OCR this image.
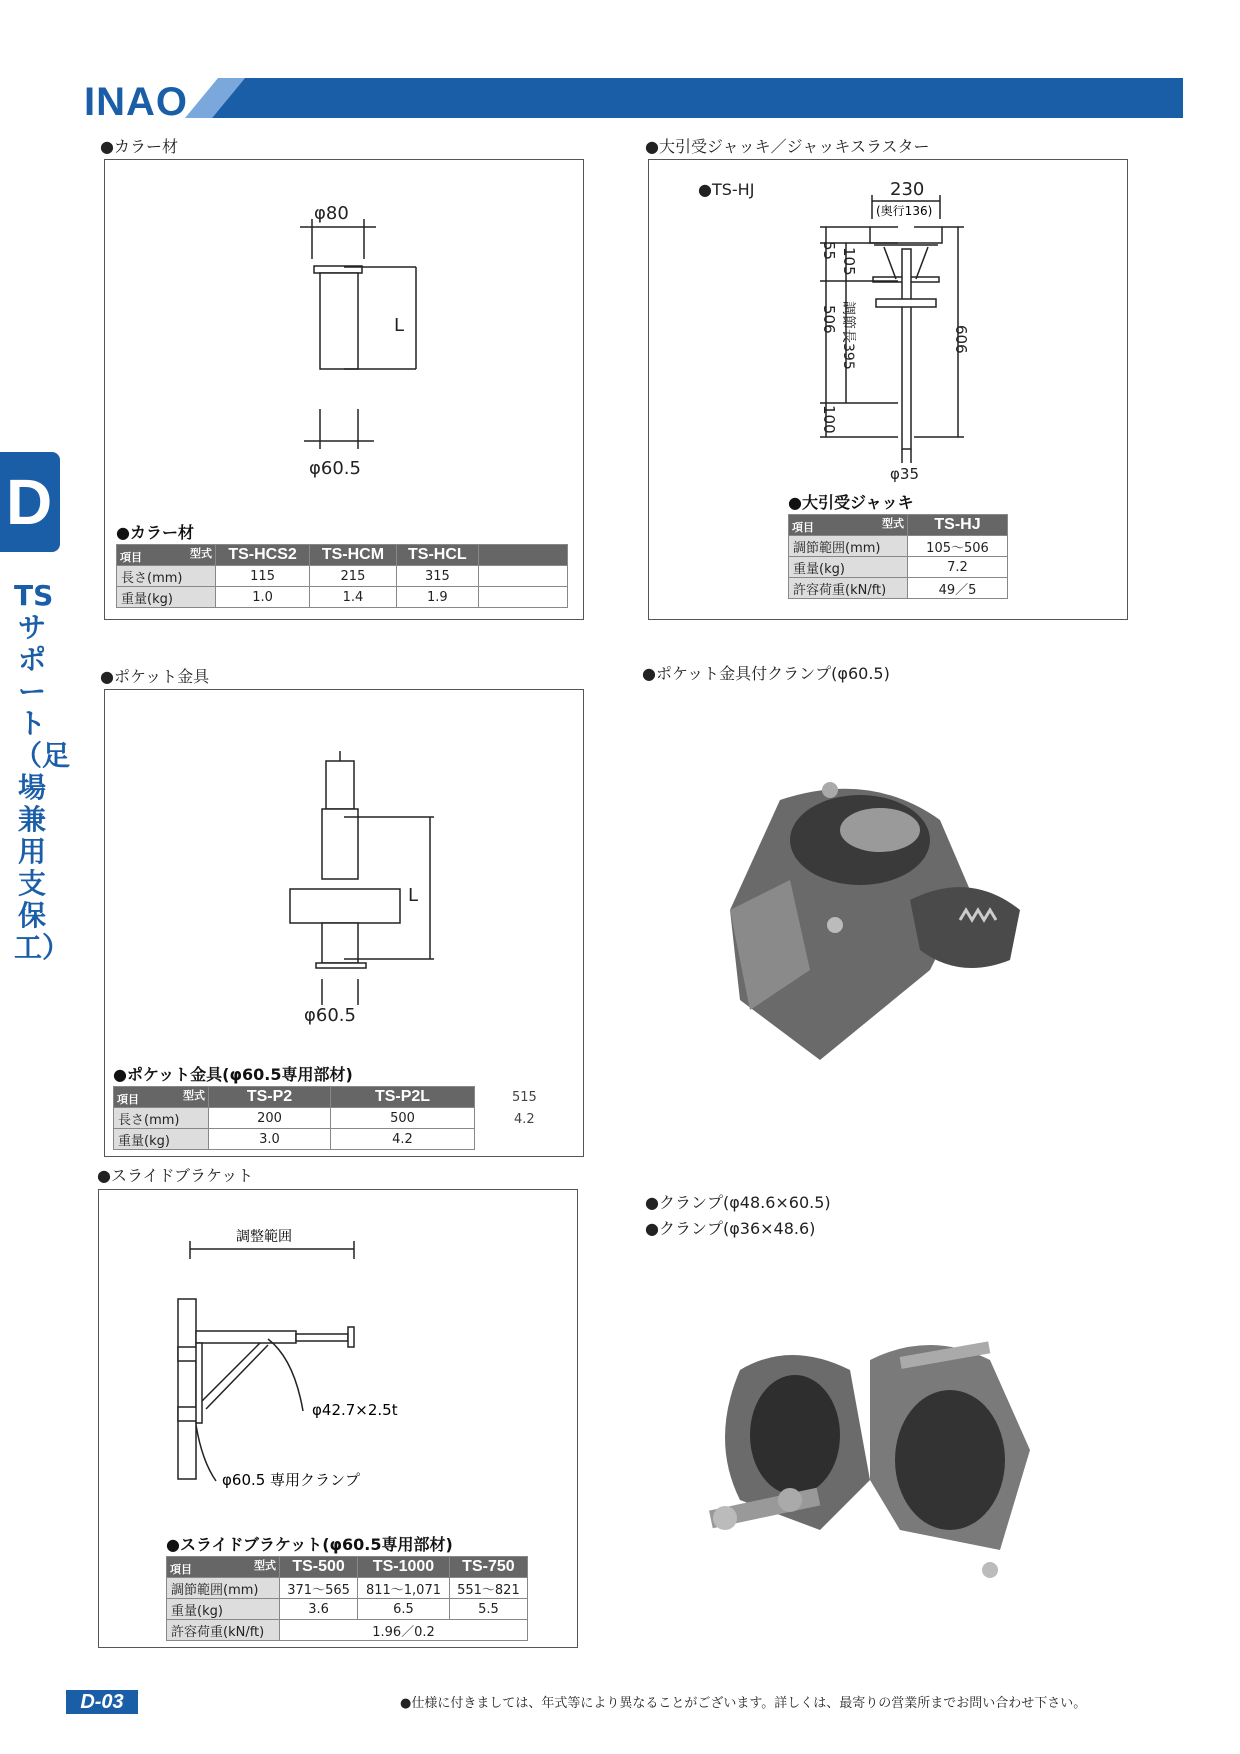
INAO
D
TSサポート（足場兼用支保工）
●カラー材
φ80
L
φ60.5
●カラー材
型式
項目	TS-HCS2	TS-HCM	TS-HCL	
長さ(mm)	115	215	315	
重量(kg)	1.0	1.4	1.9	
●大引受ジャッキ／ジャッキスラスター
●TS-HJ	230
(奥行136)
55 105
506 調節長395
100
606
φ35
●大引受ジャッキ
型式
項目	TS-HJ
調節範囲(mm)	105〜506
重量(kg)	7.2
許容荷重(kN/ft)	49／5
●ポケット金具
L
φ60.5
●ポケット金具(φ60.5専用部材)
型式
項目	TS-P2	TS-P2L
長さ(mm)	200	500
重量(kg)	3.0	4.2
515
4.2
●ポケット金具付クランプ(φ60.5)
●スライドブラケット
調整範囲
φ42.7×2.5t
φ60.5 専用クランプ
●スライドブラケット(φ60.5専用部材)
型式
項目	TS-500	TS-1000	TS-750
調節範囲(mm)	371〜565	811〜1,071	551〜821
重量(kg)	3.6	6.5	5.5
許容荷重(kN/ft)	1.96／0.2		
●クランプ(φ48.6×60.5)
●クランプ(φ36×48.6)
D-03	●仕様に付きましては、年式等により異なることがございます。詳しくは、最寄りの営業所までお問い合わせ下さい。
